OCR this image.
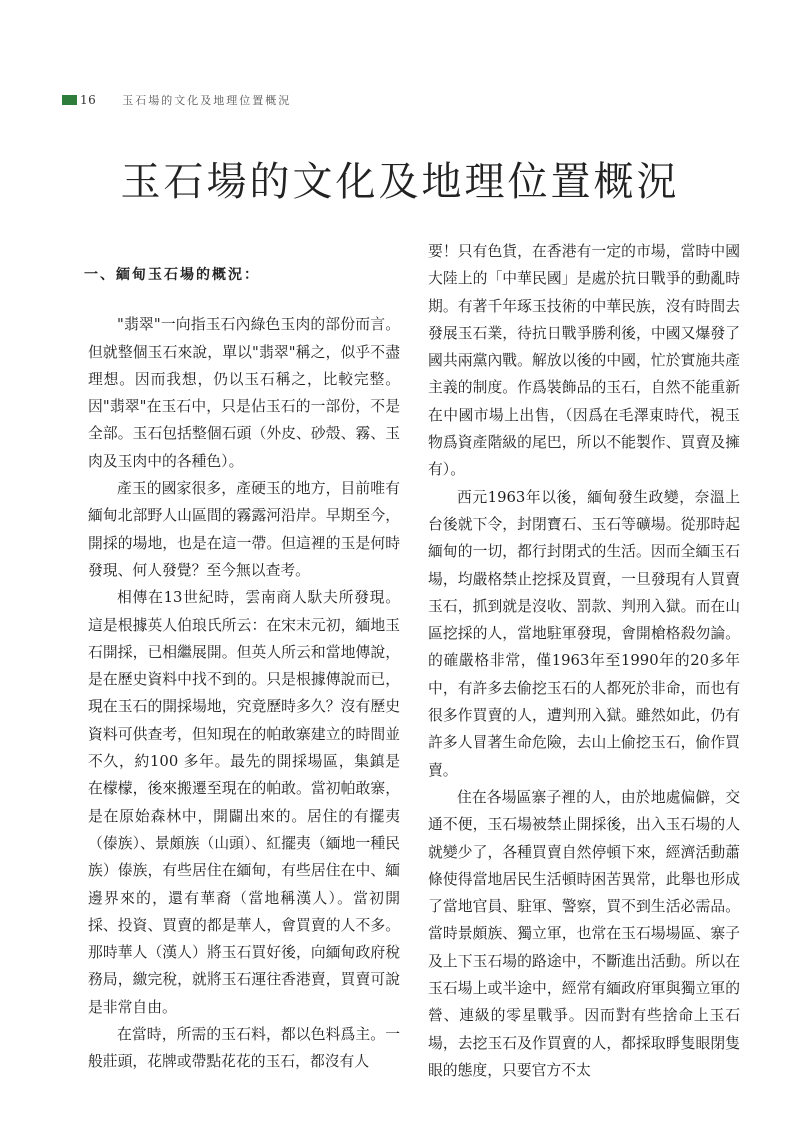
16 玉石場的文化及地理位置概況
玉石場的文化及地理位置概況
一、緬甸玉石場的概況：

"翡翠"一向指玉石內綠色玉肉的部份而言。但就整個玉石來說，單以"翡翠"稱之，似乎不盡理想。因而我想，仍以玉石稱之，比較完整。因"翡翠"在玉石中，只是佔玉石的一部份，不是全部。玉石包括整個石頭（外皮、砂殼、霧、玉肉及玉肉中的各種色）。

產玉的國家很多，產硬玉的地方，目前唯有緬甸北部野人山區間的霧露河沿岸。早期至今，開採的場地，也是在這一帶。但這裡的玉是何時發現、何人發覺？至今無以查考。

相傳在13世紀時，雲南商人馱夫所發現。這是根據英人伯琅氏所云：在宋末元初，緬地玉石開採，已相繼展開。但英人所云和當地傳說，是在歷史資料中找不到的。只是根據傳說而已，現在玉石的開採場地，究竟歷時多久？沒有歷史資料可供查考，但知現在的帕敢寨建立的時間並不久，約100 多年。最先的開採場區，集鎮是在檬檬，後來搬遷至現在的帕敢。當初帕敢寨，是在原始森林中，開闢出來的。居住的有擺夷（傣族）、景頗族（山頭）、紅擺夷（緬地一種民族）傣族，有些居住在緬甸，有些居住在中、緬邊界來的，還有華裔（當地稱漢人）。當初開採、投資、買賣的都是華人，會買賣的人不多。那時華人（漢人）將玉石買好後，向緬甸政府稅務局，繳完稅，就將玉石運往香港賣，買賣可說是非常自由。

在當時，所需的玉石料，都以色料爲主。一般莊頭，花牌或帶點花花的玉石，都沒有人

要！只有色貨，在香港有一定的市場，當時中國大陸上的「中華民國」是處於抗日戰爭的動亂時期。有著千年琢玉技術的中華民族，沒有時間去發展玉石業，待抗日戰爭勝利後，中國又爆發了國共兩黨內戰。解放以後的中國，忙於實施共產主義的制度。作爲裝飾品的玉石，自然不能重新在中國市場上出售，（因爲在毛澤東時代，視玉物爲資產階級的尾巴，所以不能製作、買賣及擁有）。

西元1963年以後，緬甸發生政變，奈溫上台後就下令，封閉寶石、玉石等礦場。從那時起緬甸的一切，都行封閉式的生活。因而全緬玉石場，均嚴格禁止挖採及買賣，一旦發現有人買賣玉石，抓到就是沒收、罰款、判刑入獄。而在山區挖採的人，當地駐軍發現，會開槍格殺勿論。的確嚴格非常，僅1963年至1990年的20多年中，有許多去偷挖玉石的人都死於非命，而也有很多作買賣的人，遭判刑入獄。雖然如此，仍有許多人冒著生命危險，去山上偷挖玉石，偷作買賣。

住在各場區寨子裡的人，由於地處偏僻，交通不便，玉石場被禁止開採後，出入玉石場的人就變少了，各種買賣自然停頓下來，經濟活動蕭條使得當地居民生活頓時困苦異常，此舉也形成了當地官員、駐軍、警察，買不到生活必需品。當時景頗族、獨立軍，也常在玉石場場區、寨子及上下玉石場的路途中，不斷進出活動。所以在玉石場上或半途中，經常有緬政府軍與獨立軍的營、連級的零星戰爭。因而對有些捨命上玉石場，去挖玉石及作買賣的人，都採取睜隻眼閉隻眼的態度，只要官方不太
